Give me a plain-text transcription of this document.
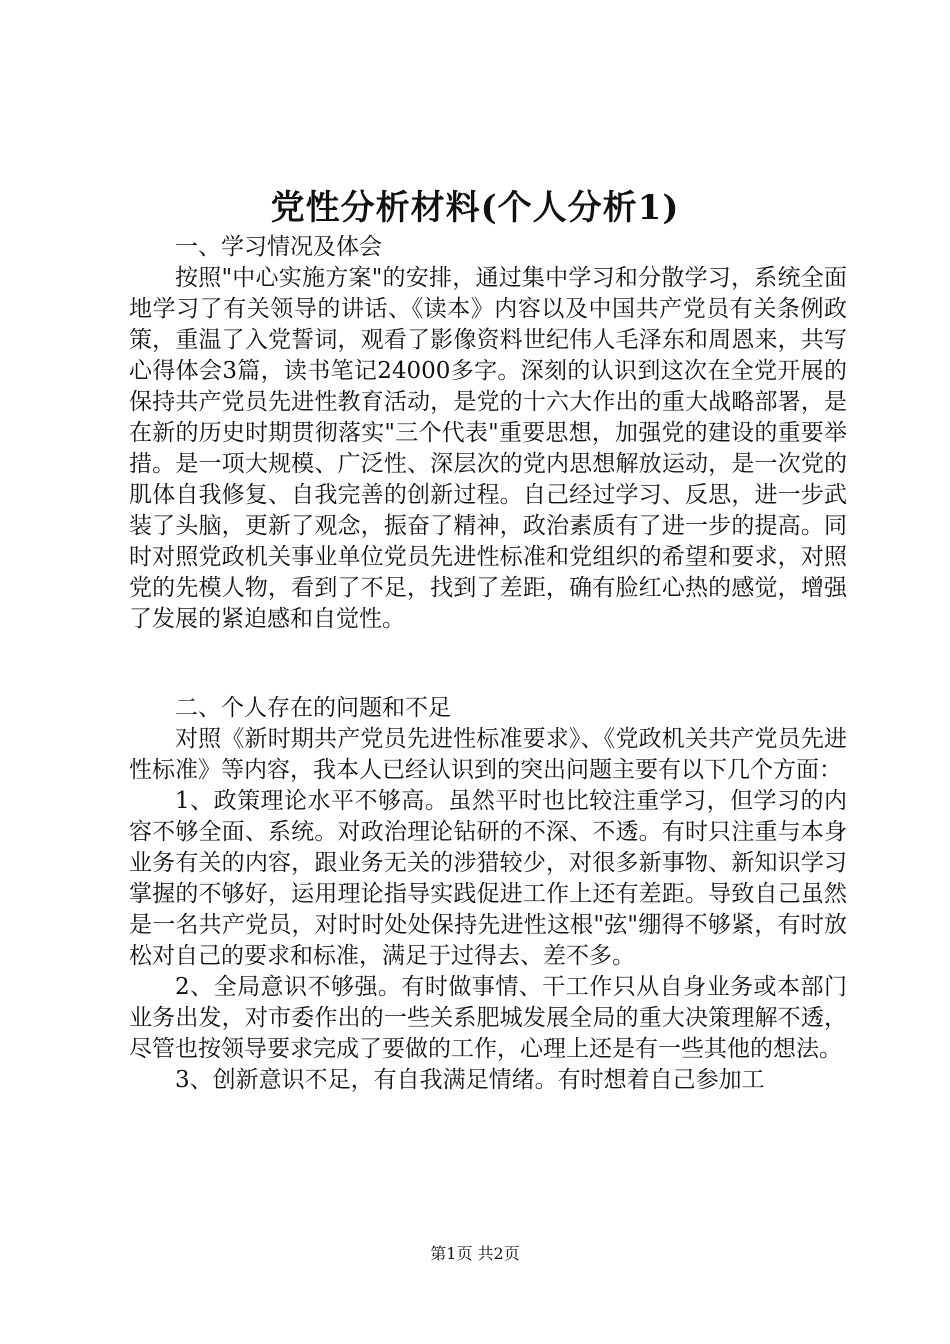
党性分析材料(个人分析1)

一、学习情况及体会

按照"中心实施方案"的安排，通过集中学习和分散学习，系统全面地学习了有关领导的讲话、《读本》内容以及中国共产党员有关条例政策，重温了入党誓词，观看了影像资料世纪伟人毛泽东和周恩来，共写心得体会3篇，读书笔记24000多字。深刻的认识到这次在全党开展的保持共产党员先进性教育活动，是党的十六大作出的重大战略部署，是在新的历史时期贯彻落实"三个代表"重要思想，加强党的建设的重要举措。是一项大规模、广泛性、深层次的党内思想解放运动，是一次党的肌体自我修复、自我完善的创新过程。自己经过学习、反思，进一步武装了头脑，更新了观念，振奋了精神，政治素质有了进一步的提高。同时对照党政机关事业单位党员先进性标准和党组织的希望和要求，对照党的先模人物，看到了不足，找到了差距，确有脸红心热的感觉，增强了发展的紧迫感和自觉性。

二、个人存在的问题和不足

对照《新时期共产党员先进性标准要求》、《党政机关共产党员先进性标准》等内容，我本人已经认识到的突出问题主要有以下几个方面：

1、政策理论水平不够高。虽然平时也比较注重学习，但学习的内容不够全面、系统。对政治理论钻研的不深、不透。有时只注重与本身业务有关的内容，跟业务无关的涉猎较少，对很多新事物、新知识学习掌握的不够好，运用理论指导实践促进工作上还有差距。导致自己虽然是一名共产党员，对时时处处保持先进性这根"弦"绷得不够紧，有时放松对自己的要求和标准，满足于过得去、差不多。

2、全局意识不够强。有时做事情、干工作只从自身业务或本部门业务出发，对市委作出的一些关系肥城发展全局的重大决策理解不透，尽管也按领导要求完成了要做的工作，心理上还是有一些其他的想法。

3、创新意识不足，有自我满足情绪。有时想着自己参加工

第1页 共2页
